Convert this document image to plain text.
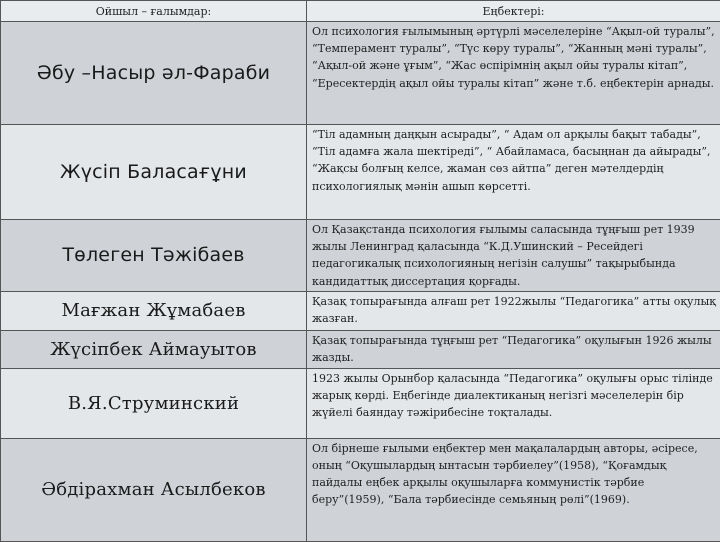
Ойшыл – ғалымдар:	Еңбектері:
Әбу –Насыр әл-Фараби	Ол психология ғылымының әртүрлі мәселелеріне “Ақыл-ой туралы”, “Темперамент туралы”, “Түс көру туралы”, “Жанның мәні туралы”, “Ақыл-ой және ұғым”, “Жас өспірімнің ақыл ойы туралы кітап”, “Ересектердің ақыл ойы туралы кітап” және т.б. еңбектерін арнады.
Жүсіп Баласағұни	“Тіл адамның даңқын асырады”, “ Адам ол арқылы бақыт табады”, “Тіл адамға жала шектіреді”, “ Абайламаса, басыңнан да айырады”, “Жақсы болғың келсе, жаман сөз айтпа” деген мәтелдердің психологиялық мәнін ашып көрсетті.
Төлеген Тәжібаев	Ол Қазақстанда психология ғылымы саласында тұңғыш рет 1939 жылы Ленинград қаласында “К.Д.Ушинский – Ресейдегі педагогикалық психологияның негізін салушы” тақырыбында кандидаттық диссертация қорғады.
Мағжан Жұмабаев	Қазақ топырағында алғаш рет 1922жылы “Педагогика” атты оқулық жазған.
Жүсіпбек Аймауытов	Қазақ топырағында тұңғыш рет “Педагогика” оқулығын 1926 жылы жазды.
В.Я.Струминский	1923 жылы Орынбор қаласында “Педагогика” оқулығы орыс тілінде жарық көрді. Еңбегінде диалектиканың негізгі мәселелерін бір жүйелі баяндау тәжірибесіне тоқталады.
Әбдірахман Асылбеков	Ол бірнеше ғылыми еңбектер мен мақалалардың авторы, әсіресе, оның “Оқушылардың ынтасын тәрбиелеу”(1958), “Қоғамдық пайдалы еңбек арқылы оқушыларға коммунистік тәрбие беру”(1959), “Бала тәрбиесінде семьяның рөлі”(1969).
